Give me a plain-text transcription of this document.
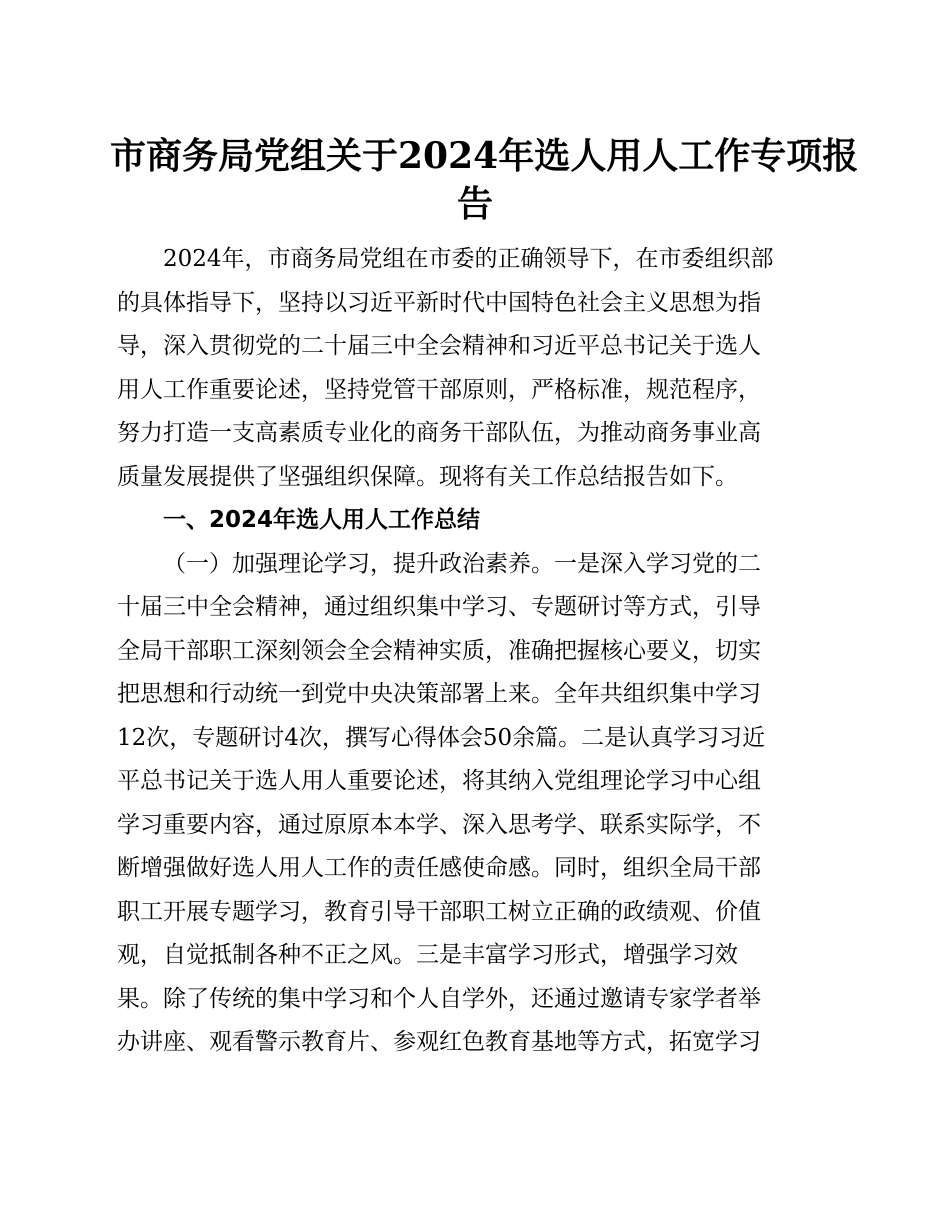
市商务局党组关于2024年选人用人工作专项报
告
2024年，市商务局党组在市委的正确领导下，在市委组织部
的具体指导下，坚持以习近平新时代中国特色社会主义思想为指
导，深入贯彻党的二十届三中全会精神和习近平总书记关于选人
用人工作重要论述，坚持党管干部原则，严格标准，规范程序，
努力打造一支高素质专业化的商务干部队伍，为推动商务事业高
质量发展提供了坚强组织保障。现将有关工作总结报告如下。
一、2024年选人用人工作总结
（一）加强理论学习，提升政治素养。一是深入学习党的二
十届三中全会精神，通过组织集中学习、专题研讨等方式，引导
全局干部职工深刻领会全会精神实质，准确把握核心要义，切实
把思想和行动统一到党中央决策部署上来。全年共组织集中学习
12次，专题研讨4次，撰写心得体会50余篇。二是认真学习习近
平总书记关于选人用人重要论述，将其纳入党组理论学习中心组
学习重要内容，通过原原本本学、深入思考学、联系实际学，不
断增强做好选人用人工作的责任感使命感。同时，组织全局干部
职工开展专题学习，教育引导干部职工树立正确的政绩观、价值
观，自觉抵制各种不正之风。三是丰富学习形式，增强学习效
果。除了传统的集中学习和个人自学外，还通过邀请专家学者举
办讲座、观看警示教育片、参观红色教育基地等方式，拓宽学习
